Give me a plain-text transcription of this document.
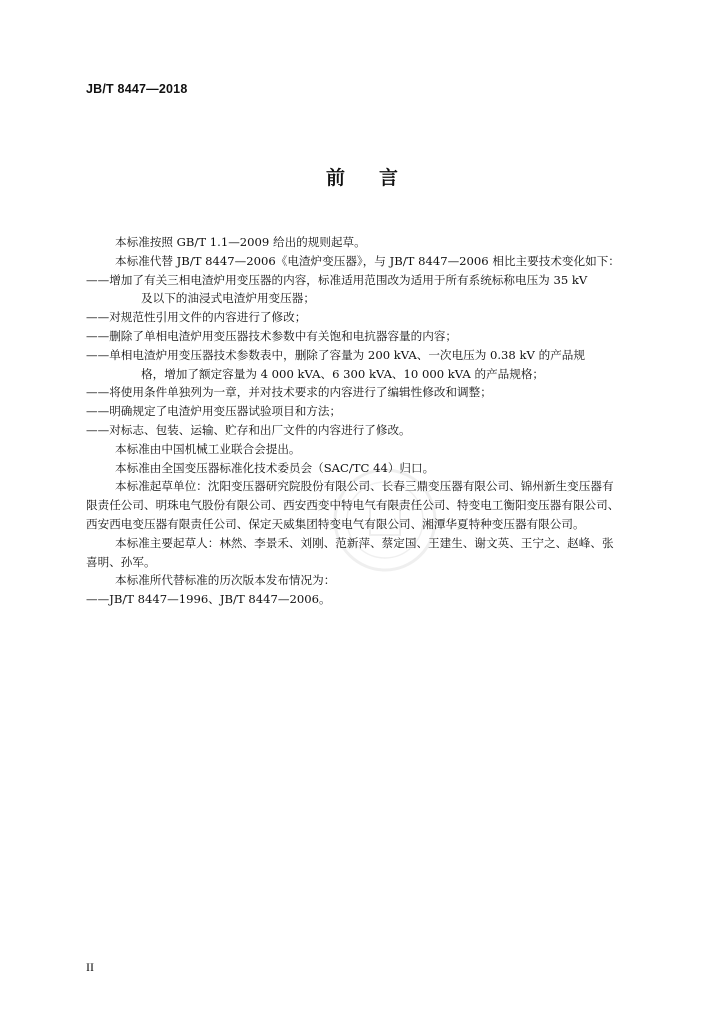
JB/T 8447—2018
前言
本标准按照 GB/T 1.1—2009 给出的规则起草。
本标准代替 JB/T 8447—2006《电渣炉变压器》，与 JB/T 8447—2006 相比主要技术变化如下：
——增加了有关三相电渣炉用变压器的内容，标准适用范围改为适用于所有系统标称电压为 35 kV
及以下的油浸式电渣炉用变压器；
——对规范性引用文件的内容进行了修改；
——删除了单相电渣炉用变压器技术参数中有关饱和电抗器容量的内容；
——单相电渣炉用变压器技术参数表中，删除了容量为 200 kVA、一次电压为 0.38 kV 的产品规
格，增加了额定容量为 4 000 kVA、6 300 kVA、10 000 kVA 的产品规格；
——将使用条件单独列为一章，并对技术要求的内容进行了编辑性修改和调整；
——明确规定了电渣炉用变压器试验项目和方法；
——对标志、包装、运输、贮存和出厂文件的内容进行了修改。
本标准由中国机械工业联合会提出。
本标准由全国变压器标准化技术委员会（SAC/TC 44）归口。
本标准起草单位：沈阳变压器研究院股份有限公司、长春三鼎变压器有限公司、锦州新生变压器有
限责任公司、明珠电气股份有限公司、西安西变中特电气有限责任公司、特变电工衡阳变压器有限公司、
西安西电变压器有限责任公司、保定天威集团特变电气有限公司、湘潭华夏特种变压器有限公司。
本标准主要起草人：林然、李景禾、刘刚、范新萍、蔡定国、王建生、谢文英、王宁之、赵峰、张
喜明、孙军。
本标准所代替标准的历次版本发布情况为：
——JB/T 8447—1996、JB/T 8447—2006。
II
